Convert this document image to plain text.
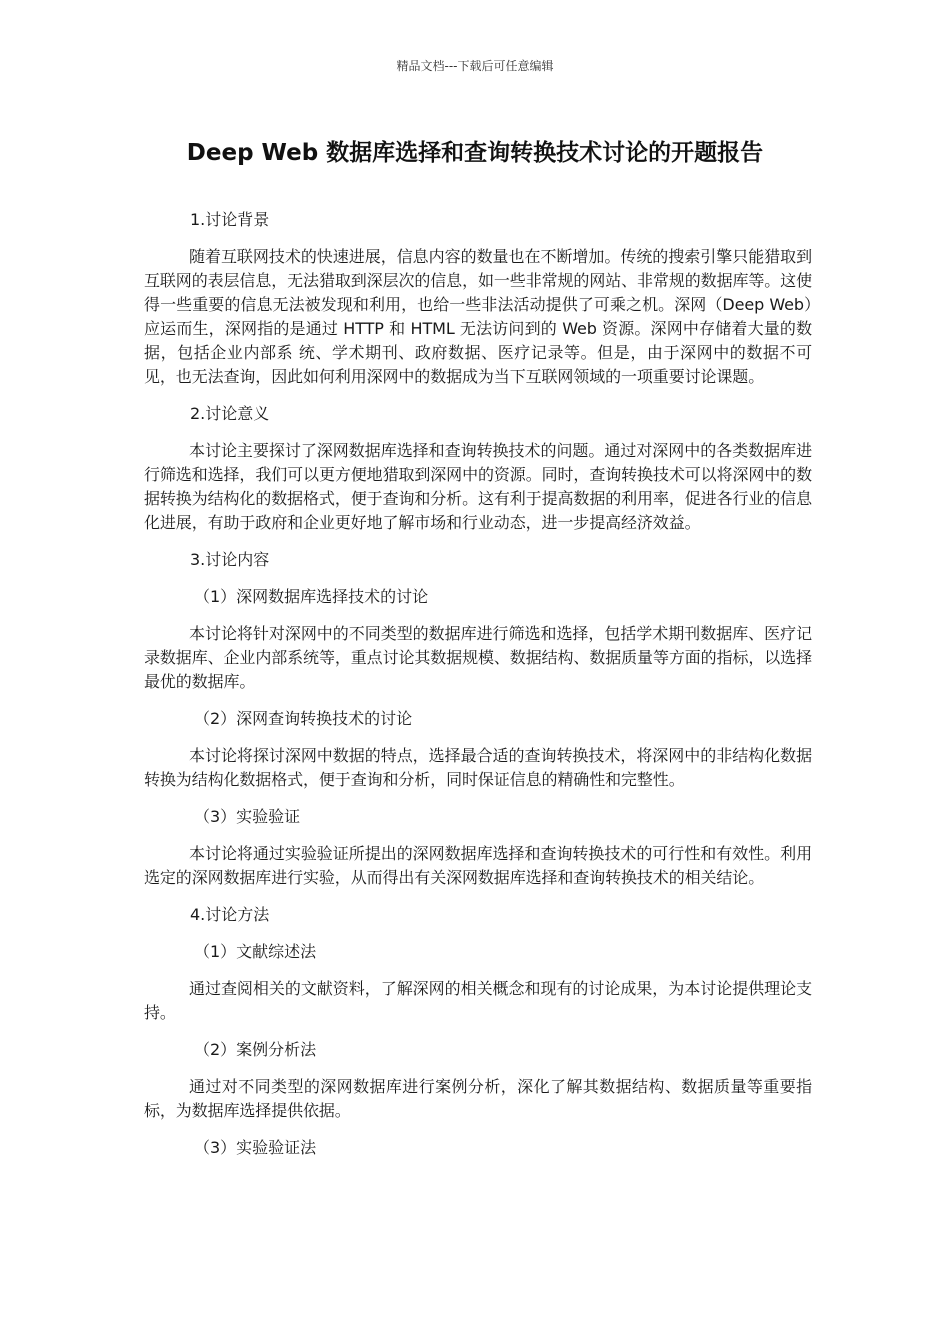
精品文档---下载后可任意编辑
Deep Web 数据库选择和查询转换技术讨论的开题报告

1.讨论背景

随着互联网技术的快速进展，信息内容的数量也在不断增加。传统的搜索引擎只能猎取到互联网的表层信息，无法猎取到深层次的信息，如一些非常规的网站、非常规的数据库等。这使得一些重要的信息无法被发现和利用，也给一些非法活动提供了可乘之机。深网（Deep Web）应运而生，深网指的是通过 HTTP 和 HTML 无法访问到的 Web 资源。深网中存储着大量的数据，包括企业内部系 统、学术期刊、政府数据、医疗记录等。但是，由于深网中的数据不可见，也无法查询，因此如何利用深网中的数据成为当下互联网领域的一项重要讨论课题。

2.讨论意义

本讨论主要探讨了深网数据库选择和查询转换技术的问题。通过对深网中的各类数据库进行筛选和选择，我们可以更方便地猎取到深网中的资源。同时，查询转换技术可以将深网中的数据转换为结构化的数据格式，便于查询和分析。这有利于提高数据的利用率，促进各行业的信息化进展，有助于政府和企业更好地了解市场和行业动态，进一步提高经济效益。

3.讨论内容

（1）深网数据库选择技术的讨论

本讨论将针对深网中的不同类型的数据库进行筛选和选择，包括学术期刊数据库、医疗记录数据库、企业内部系统等，重点讨论其数据规模、数据结构、数据质量等方面的指标，以选择最优的数据库。

（2）深网查询转换技术的讨论

本讨论将探讨深网中数据的特点，选择最合适的查询转换技术，将深网中的非结构化数据转换为结构化数据格式，便于查询和分析，同时保证信息的精确性和完整性。

（3）实验验证

本讨论将通过实验验证所提出的深网数据库选择和查询转换技术的可行性和有效性。利用选定的深网数据库进行实验，从而得出有关深网数据库选择和查询转换技术的相关结论。

4.讨论方法

（1）文献综述法

通过查阅相关的文献资料，了解深网的相关概念和现有的讨论成果，为本讨论提供理论支持。

（2）案例分析法

通过对不同类型的深网数据库进行案例分析，深化了解其数据结构、数据质量等重要指标，为数据库选择提供依据。

（3）实验验证法
